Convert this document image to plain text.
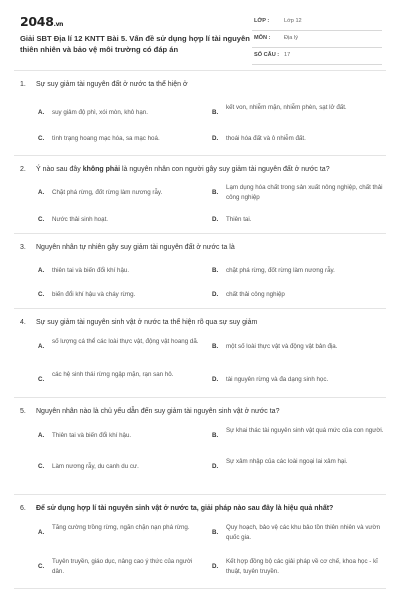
2048.vn
Giải SBT Địa lí 12 KNTT Bài 5. Vấn đề sử dụng hợp lí tài nguyên thiên nhiên và bảo vệ môi trường có đáp án
LỚP :	Lớp 12
MÔN : Địa lý
SỐ CÂU : 17
1. Sự suy giảm tài nguyên đất ở nước ta thể hiện ở
A. suy giảm độ phì, xói mòn, khô hạn.	B.
kết von, nhiễm mặn, nhiễm phèn, sạt lở đất.
C. tình trạng hoang mạc hóa, sa mạc hoá.	D. thoái hóa đất và ô nhiễm đất.
2. Ý nào sau đây không phải là nguyên nhân con người gây suy giảm tài nguyên đất ở nước ta?
A. Chặt phá rừng, đốt rừng làm nương rẫy.	B.
Lạm dụng hóa chất trong sản xuất nông nghiệp, chất thải công nghiệp
C. Nước thải sinh hoạt.	D. Thiên tai.
3. Nguyên nhân tự nhiên gây suy giảm tài nguyên đất ở nước ta là
A. thiên tai và biến đổi khí hậu.	B. chặt phá rừng, đốt rừng làm nương rẫy.
C. biến đổi khí hậu và cháy rừng.	D. chất thải công nghiệp
4. Sự suy giảm tài nguyên sinh vật ở nước ta thể hiện rõ qua sự suy giảm
A.
số lượng cá thể các loài thực vật, động vật hoang dã.
B. một số loài thực vật và động vật bản địa.
C.
các hệ sinh thái rừng ngập mặn, rạn san hô.
D. tài nguyên rừng và đa dạng sinh học.
5. Nguyên nhân nào là chủ yếu dẫn đến suy giảm tài nguyên sinh vật ở nước ta?
A. Thiên tai và biến đổi khí hậu.	B.
Sự khai thác tài nguyên sinh vật quá mức của con người.
C. Làm nương rẫy, du canh du cư.	D.
Sự xâm nhập của các loài ngoại lai xâm hại.
6. Để sử dụng hợp lí tài nguyên sinh vật ở nước ta, giải pháp nào sau đây là hiệu quả nhất?
A.
Tăng cường trồng rừng, ngăn chặn nạn phá rừng.
B.
Quy hoạch, bảo vệ các khu bảo tồn thiên nhiên và vườn quốc gia.
C.
Tuyên truyền, giáo dục, nâng cao ý thức của người dân.
D.
Kết hợp đồng bộ các giải pháp về cơ chế, khoa học - kĩ thuật, tuyên truyền.
